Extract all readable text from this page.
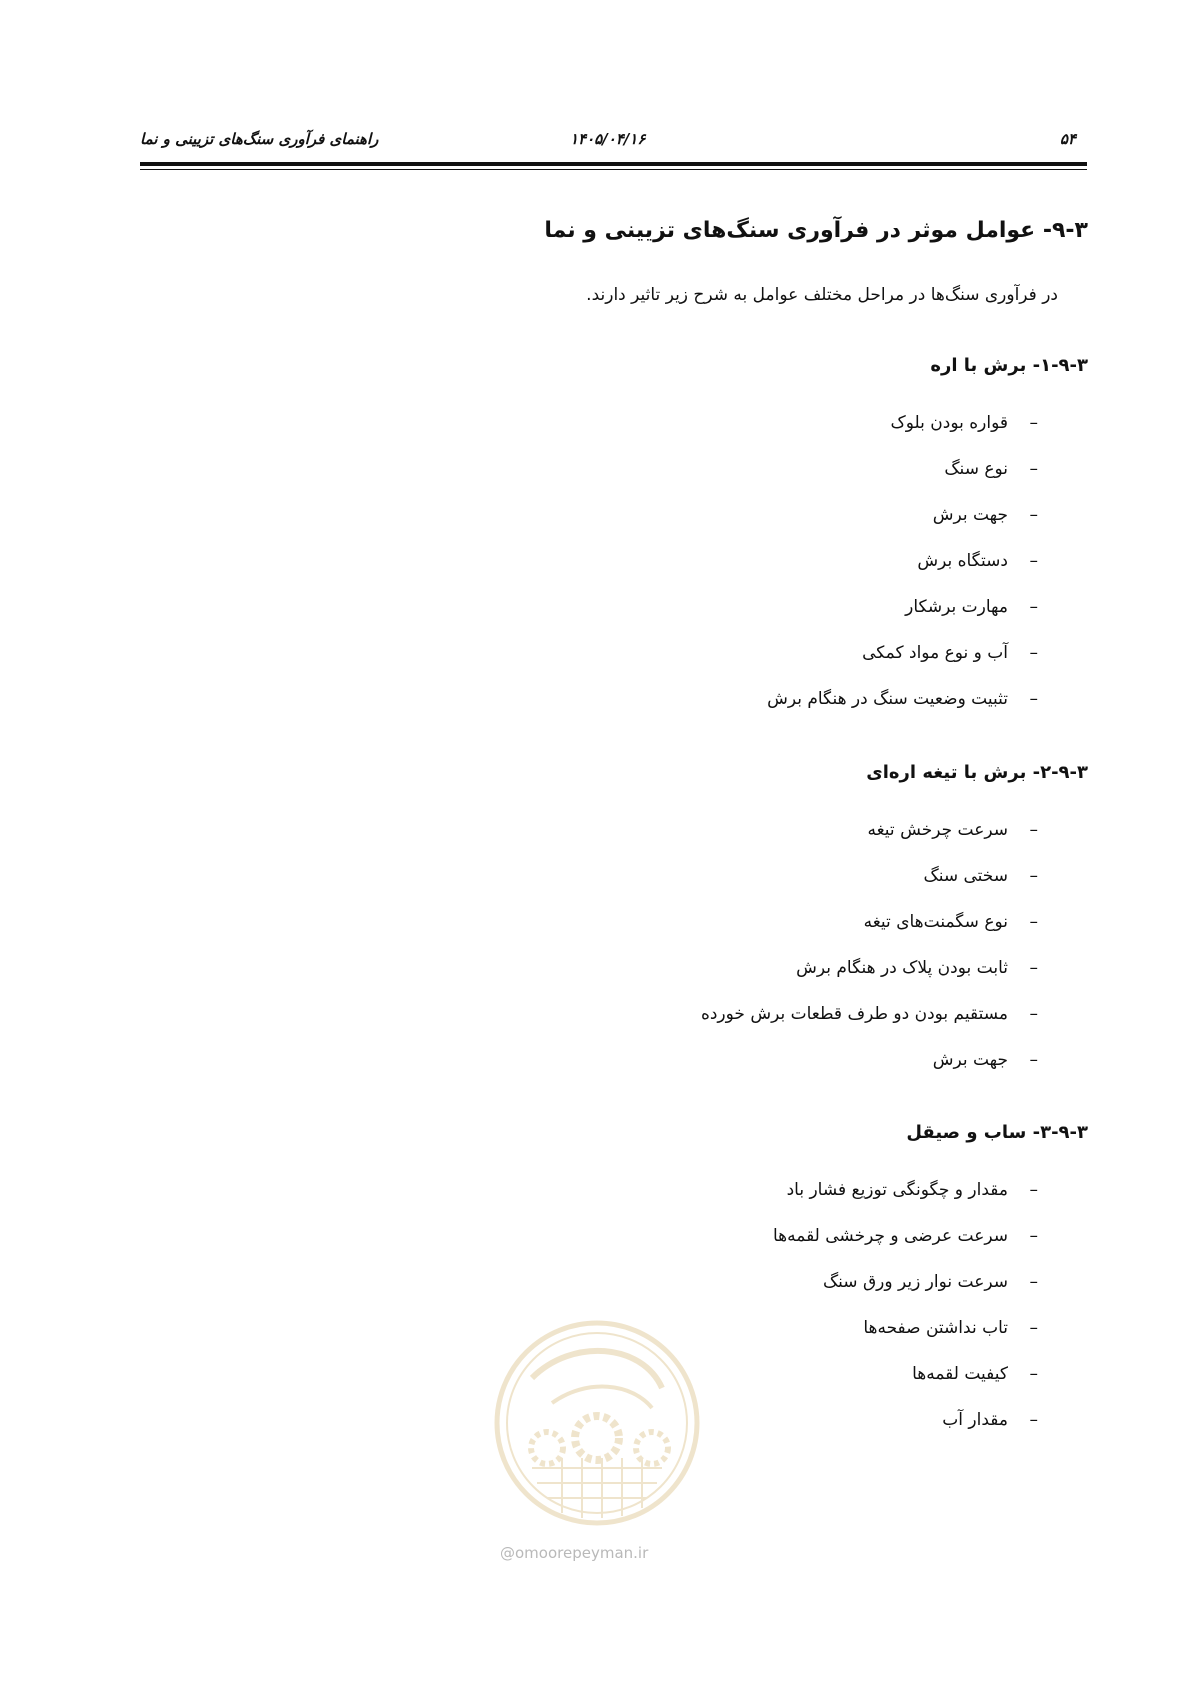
۵۴
۱۴۰۵/۰۴/۱۶
راهنمای فرآوری سنگ‌های تزیینی و نما
۹-۳- عوامل موثر در فرآوری سنگ‌های تزیینی و نما
در فرآوری سنگ‌ها در مراحل مختلف عوامل به شرح زیر تاثیر دارند.
۱-۹-۳- برش با اره
–قواره بودن بلوک
–نوع سنگ
–جهت برش
–دستگاه برش
–مهارت برشکار
–آب و نوع مواد کمکی
–تثبیت وضعیت سنگ در هنگام برش
۲-۹-۳- برش با تیغه اره‌ای
–سرعت چرخش تیغه
–سختی سنگ
–نوع سگمنت‌های تیغه
–ثابت بودن پلاک در هنگام برش
–مستقیم بودن دو طرف قطعات برش خورده
–جهت برش
۳-۹-۳- ساب و صیقل
–مقدار و چگونگی توزیع فشار باد
–سرعت عرضی و چرخشی لقمه‌ها
–سرعت نوار زیر ورق سنگ
–تاب نداشتن صفحه‌ها
–کیفیت لقمه‌ها
–مقدار آب
@omoorepeyman.ir
